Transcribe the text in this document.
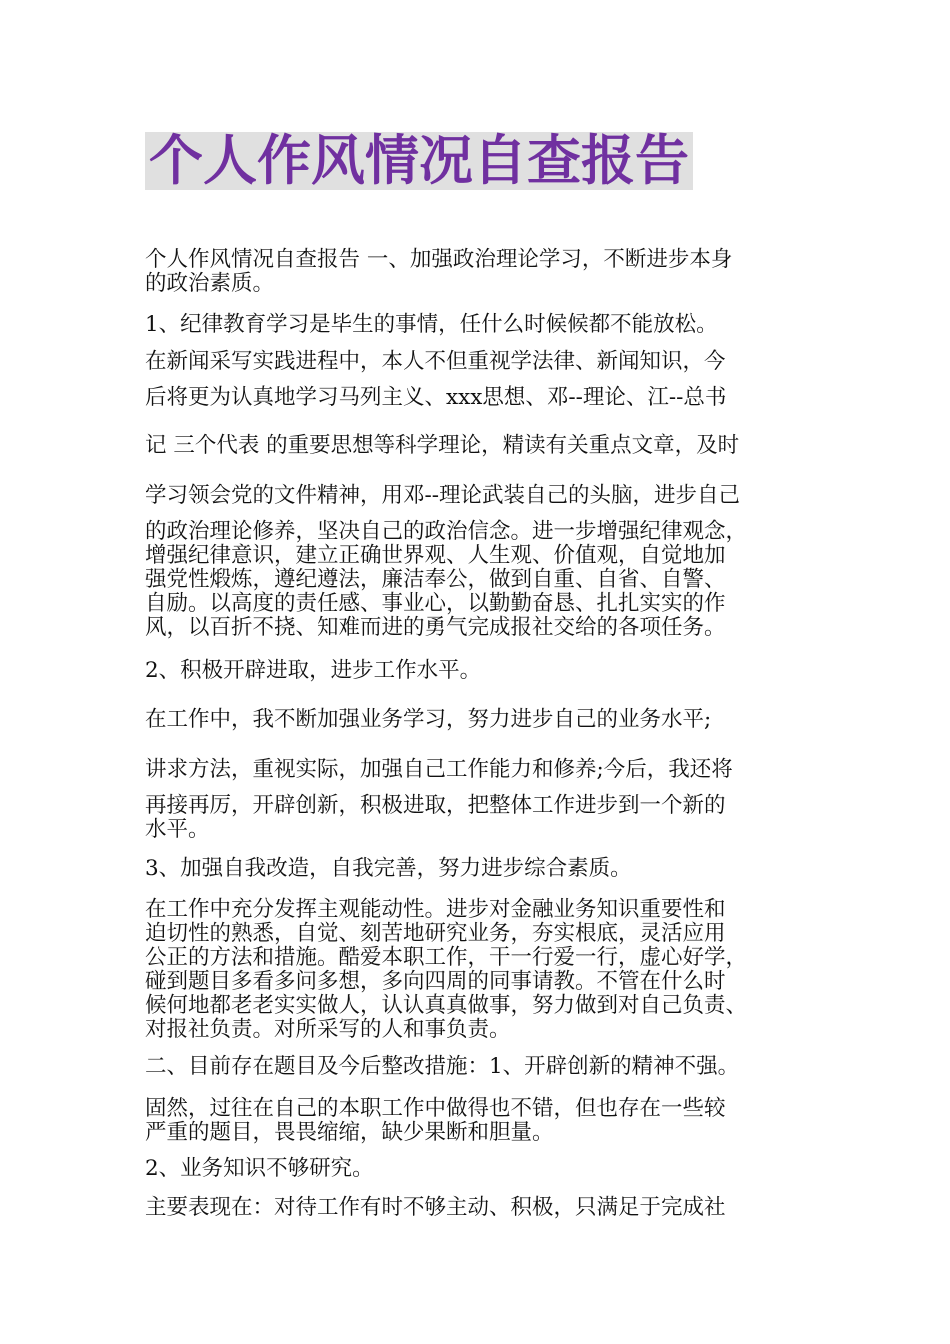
个人作风情况自查报告
个人作风情况自查报告 一、加强政治理论学习，不断进步本身
的政治素质。
1、纪律教育学习是毕生的事情，任什么时候候都不能放松。
在新闻采写实践进程中，本人不但重视学法律、新闻知识，今
后将更为认真地学习马列主义、xxx思想、邓--理论、江--总书
记 三个代表 的重要思想等科学理论，精读有关重点文章，及时
学习领会党的文件精神，用邓--理论武装自己的头脑，进步自己
的政治理论修养，坚决自己的政治信念。进一步增强纪律观念，
增强纪律意识，建立正确世界观、人生观、价值观，自觉地加
强党性煅炼，遵纪遵法，廉洁奉公，做到自重、自省、自警、
自励。以高度的责任感、事业心，以勤勤奋恳、扎扎实实的作
风，以百折不挠、知难而进的勇气完成报社交给的各项任务。
2、积极开辟进取，进步工作水平。
在工作中，我不断加强业务学习，努力进步自己的业务水平;
讲求方法，重视实际，加强自己工作能力和修养;今后，我还将
再接再厉，开辟创新，积极进取，把整体工作进步到一个新的
水平。
3、加强自我改造，自我完善，努力进步综合素质。
在工作中充分发挥主观能动性。进步对金融业务知识重要性和
迫切性的熟悉，自觉、刻苦地研究业务，夯实根底，灵活应用
公正的方法和措施。酷爱本职工作，干一行爱一行，虚心好学，
碰到题目多看多问多想，多向四周的同事请教。不管在什么时
候何地都老老实实做人，认认真真做事，努力做到对自己负责、
对报社负责。对所采写的人和事负责。
二、目前存在题目及今后整改措施：1、开辟创新的精神不强。
固然，过往在自己的本职工作中做得也不错，但也存在一些较
严重的题目，畏畏缩缩，缺少果断和胆量。
2、业务知识不够研究。
主要表现在：对待工作有时不够主动、积极，只满足于完成社
